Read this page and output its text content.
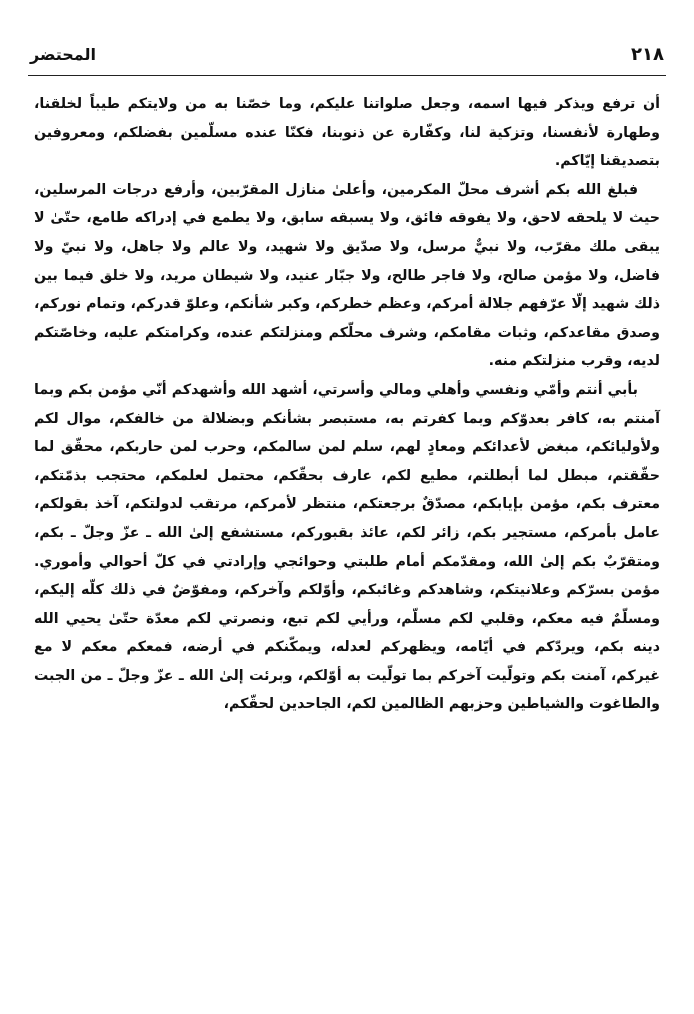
٢١٨
المحتضر

أن ترفع ويذكر فيها اسمه، وجعل صلواتنا عليكم، وما خصّنا به من ولايتكم طيباً لخلقنا، وطهارة لأنفسنا، وتزكية لنا، وكفّارة عن ذنوبنا، فكنّا عنده مسلّمين بفضلكم، ومعروفين بتصديقنا إيّاكم.

فبلغ الله بكم أشرف محلّ المكرمين، وأعلىٰ منازل المقرّبين، وأرفع درجات المرسلين، حيث لا يلحقه لاحق، ولا يفوقه فائق، ولا يسبقه سابق، ولا يطمع في إدراكه طامع، حتّىٰ لا يبقى ملك مقرّب، ولا نبيٌّ مرسل، ولا صدّيق ولا شهيد، ولا عالم ولا جاهل، ولا نبيّ ولا فاضل، ولا مؤمن صالح، ولا فاجر طالح، ولا جبّار عنيد، ولا شيطان مريد، ولا خلق فيما بين ذلك شهيد إلّا عرّفهم جلالة أمركم، وعظم خطركم، وكبر شأنكم، وعلوّ قدركم، وتمام نوركم، وصدق مقاعدكم، وثبات مقامكم، وشرف محلّكم ومنزلتكم عنده، وكرامتكم عليه، وخاصّتكم لديه، وقرب منزلتكم منه.

بأبي أنتم وأمّي ونفسي وأهلي ومالي وأسرتي، أشهد الله وأشهدكم أنّي مؤمن بكم وبما آمنتم به، كافر بعدوّكم وبما كفرتم به، مستبصر بشأنكم وبضلالة من خالفكم، موال لكم ولأوليائكم، مبغض لأعدائكم ومعادٍ لهم، سلم لمن سالمكم، وحرب لمن حاربكم، محقّق لما حقّقتم، مبطل لما أبطلتم، مطيع لكم، عارف بحقّكم، محتمل لعلمكم، محتجب بذمّتكم، معترف بكم، مؤمن بإيابكم، مصدّقٌ برجعتكم، منتظر لأمركم، مرتقب لدولتكم، آخذ بقولكم، عامل بأمركم، مستجير بكم، زائر لكم، عائذ بقبوركم، مستشفع إلىٰ الله ـ عزّ وجلّ ـ بكم، ومتقرّبٌ بكم إلىٰ الله، ومقدّمكم أمام طلبتي وحوائجي وإرادتي في كلّ أحوالي وأموري. مؤمن بسرّكم وعلانيتكم، وشاهدكم وغائبكم، وأوّلكم وآخركم، ومفوّضٌ في ذلك كلّه إليكم، ومسلّمٌ فيه معكم، وقلبي لكم مسلّم، ورأيي لكم تبع، ونصرتي لكم معدّة حتّىٰ يحيي الله دينه بكم، ويردّكم في أيّامه، ويظهركم لعدله، ويمكّنكم في أرضه، فمعكم معكم لا مع غيركم، آمنت بكم وتولّيت آخركم بما تولّيت به أوّلكم، وبرئت إلىٰ الله ـ عزّ وجلّ ـ من الجبت والطاغوت والشياطين وحزبهم الظالمين لكم، الجاحدين لحقّكم،
